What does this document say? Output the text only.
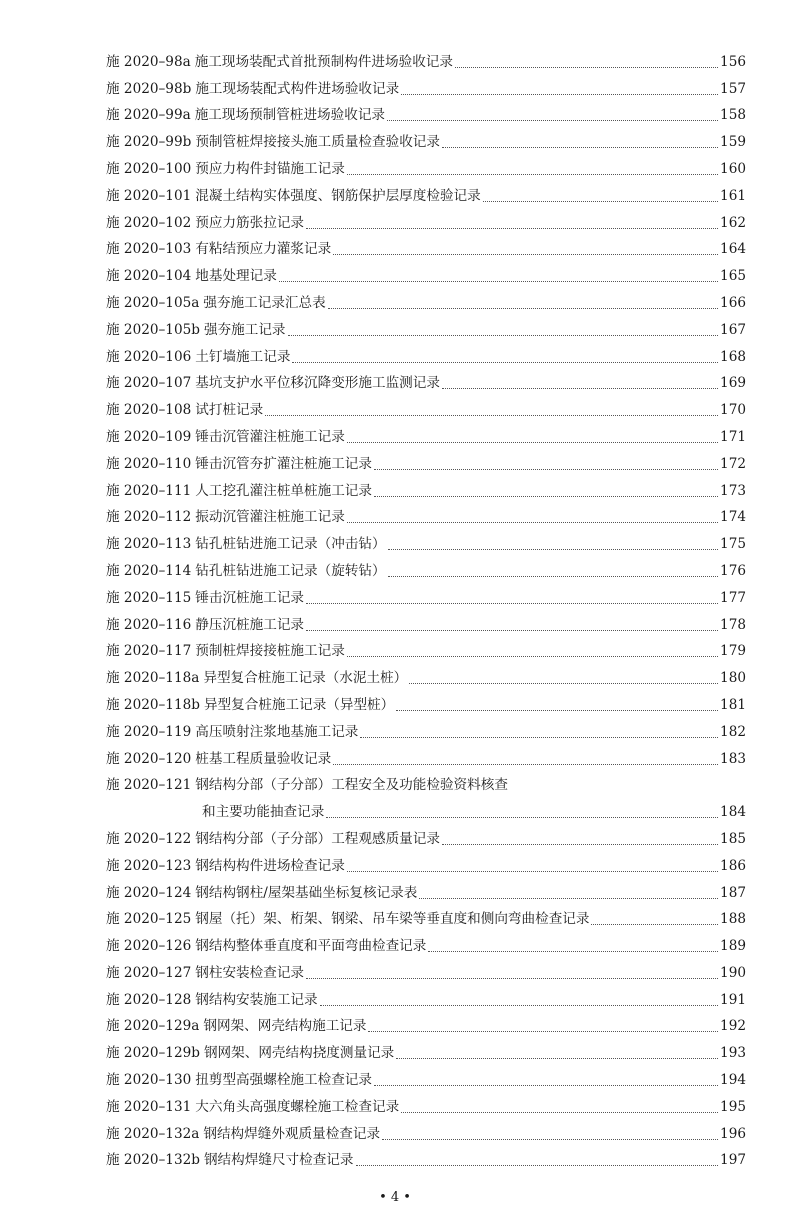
施 2020–98a 施工现场装配式首批预制构件进场验收记录	156
施 2020–98b 施工现场装配式构件进场验收记录	157
施 2020–99a 施工现场预制管桩进场验收记录	158
施 2020–99b 预制管桩焊接接头施工质量检查验收记录	159
施 2020–100 预应力构件封锚施工记录	160
施 2020–101 混凝土结构实体强度、钢筋保护层厚度检验记录	161
施 2020–102 预应力筋张拉记录	162
施 2020–103 有粘结预应力灌浆记录	164
施 2020–104 地基处理记录	165
施 2020–105a 强夯施工记录汇总表	166
施 2020–105b 强夯施工记录	167
施 2020–106 土钉墙施工记录	168
施 2020–107 基坑支护水平位移沉降变形施工监测记录	169
施 2020–108 试打桩记录	170
施 2020–109 锤击沉管灌注桩施工记录	171
施 2020–110 锤击沉管夯扩灌注桩施工记录	172
施 2020–111 人工挖孔灌注桩单桩施工记录	173
施 2020–112 振动沉管灌注桩施工记录	174
施 2020–113 钻孔桩钻进施工记录（冲击钻）	175
施 2020–114 钻孔桩钻进施工记录（旋转钻）	176
施 2020–115 锤击沉桩施工记录	177
施 2020–116 静压沉桩施工记录	178
施 2020–117 预制桩焊接接桩施工记录	179
施 2020–118a 异型复合桩施工记录（水泥土桩）	180
施 2020–118b 异型复合桩施工记录（异型桩）	181
施 2020–119 高压喷射注浆地基施工记录	182
施 2020–120 桩基工程质量验收记录	183
施 2020–121 钢结构分部（子分部）工程安全及功能检验资料核查
和主要功能抽查记录	184
施 2020–122 钢结构分部（子分部）工程观感质量记录	185
施 2020–123 钢结构构件进场检查记录	186
施 2020–124 钢结构钢柱/屋架基础坐标复核记录表	187
施 2020–125 钢屋（托）架、桁架、钢梁、吊车梁等垂直度和侧向弯曲检查记录	188
施 2020–126 钢结构整体垂直度和平面弯曲检查记录	189
施 2020–127 钢柱安装检查记录	190
施 2020–128 钢结构安装施工记录	191
施 2020–129a 钢网架、网壳结构施工记录	192
施 2020–129b 钢网架、网壳结构挠度测量记录	193
施 2020–130 扭剪型高强螺栓施工检查记录	194
施 2020–131 大六角头高强度螺栓施工检查记录	195
施 2020–132a 钢结构焊缝外观质量检查记录	196
施 2020–132b 钢结构焊缝尺寸检查记录	197
• 4 •
